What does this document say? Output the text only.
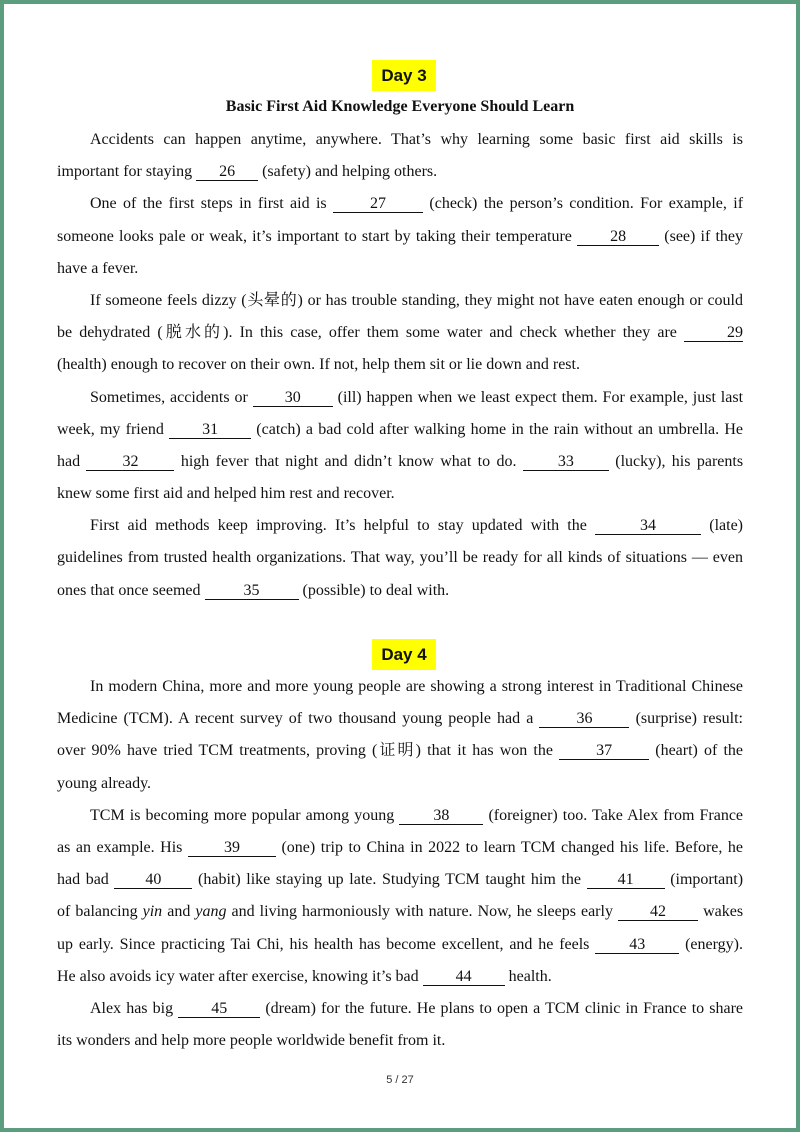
Day 3
Basic First Aid Knowledge Everyone Should Learn
Accidents can happen anytime, anywhere. That’s why learning some basic first aid skills is
important for staying 26 (safety) and helping others.
One of the first steps in first aid is	27	(check) the person’s condition. For example, if
someone looks pale or weak, it’s important to start by taking their temperature 28 (see) if they
have a fever.
If someone feels dizzy (头晕的) or has trouble standing, they might not have eaten enough or could
be dehydrated (脱水的). In this case, offer them some water and check whether they are	29
(health) enough to recover on their own. If not, help them sit or lie down and rest.
Sometimes, accidents or 30 (ill) happen when we least expect them. For example, just last
week, my friend 31 (catch) a bad cold after walking home in the rain without an umbrella. He
had	32	high fever that night and didn’t know what to do.	33	(lucky), his parents
knew some first aid and helped him rest and recover.
First aid methods keep improving. It’s helpful to stay updated with the	34	(late)
guidelines from trusted health organizations. That way, you’ll be ready for all kinds of situations — even
ones that once seemed	35	(possible) to deal with.
Day 4
In modern China, more and more young people are showing a strong interest in Traditional Chinese
Medicine (TCM). A recent survey of two thousand young people had a	36	(surprise) result:
over 90% have tried TCM treatments, proving (证明) that it has won the	37	(heart) of the
young already.
TCM is becoming more popular among young 38 (foreigner) too. Take Alex from France
as an example. His	39	(one) trip to China in 2022 to learn TCM changed his life. Before, he
had bad 40 (habit) like staying up late. Studying TCM taught him the 41 (important)
of balancing yin and yang and living harmoniously with nature. Now, he sleeps early 42 wakes
up early. Since practicing Tai Chi, his health has become excellent, and he feels 43 (energy).
He also avoids icy water after exercise, knowing it’s bad 44 health.
Alex has big 45 (dream) for the future. He plans to open a TCM clinic in France to share
its wonders and help more people worldwide benefit from it.
5 / 27
